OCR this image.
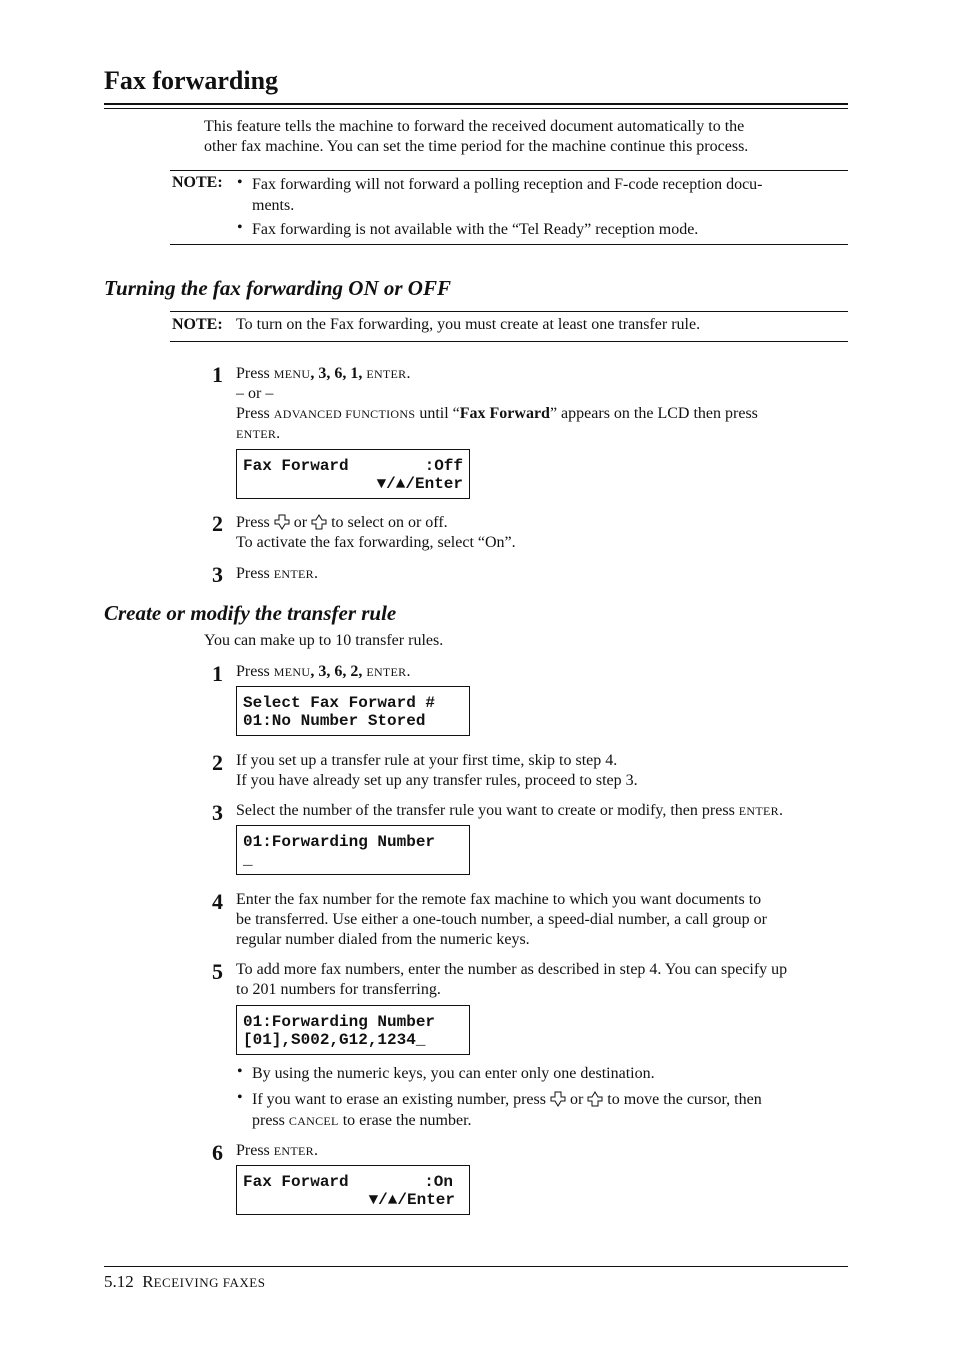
Fax forwarding
This feature tells the machine to forward the received document automatically to the
other fax machine. You can set the time period for the machine continue this process.
NOTE: • Fax forwarding will not forward a polling reception and F-code reception docu-
ments.
• Fax forwarding is not available with the “Tel Ready” reception mode.
Turning the fax forwarding ON or OFF
NOTE: To turn on the Fax forwarding, you must create at least one transfer rule.
1 Press MENU, 3, 6, 1, ENTER.
– or –
Press ADVANCED FUNCTIONS until “Fax Forward” appears on the LCD then press
ENTER.
Fax Forward	:Off
▼/▲/Enter
2 Press  or  to select on or off.
To activate the fax forwarding, select “On”.
3 Press ENTER.
Create or modify the transfer rule
You can make up to 10 transfer rules.
1 Press MENU, 3, 6, 2, ENTER.
Select Fax Forward #
01:No Number Stored
2 If you set up a transfer rule at your first time, skip to step 4.
If you have already set up any transfer rules, proceed to step 3.
3 Select the number of the transfer rule you want to create or modify, then press ENTER.
01:Forwarding Number
_
4 Enter the fax number for the remote fax machine to which you want documents to
be transferred. Use either a one-touch number, a speed-dial number, a call group or
regular number dialed from the numeric keys.
5 To add more fax numbers, enter the number as described in step 4. You can specify up
to 201 numbers for transferring.
01:Forwarding Number
[01],S002,G12,1234_
• By using the numeric keys, you can enter only one destination.
• If you want to erase an existing number, press  or  to move the cursor, then
press CANCEL to erase the number.
6 Press ENTER.
Fax Forward	:On
▼/▲/Enter
5.12 RECEIVING FAXES
